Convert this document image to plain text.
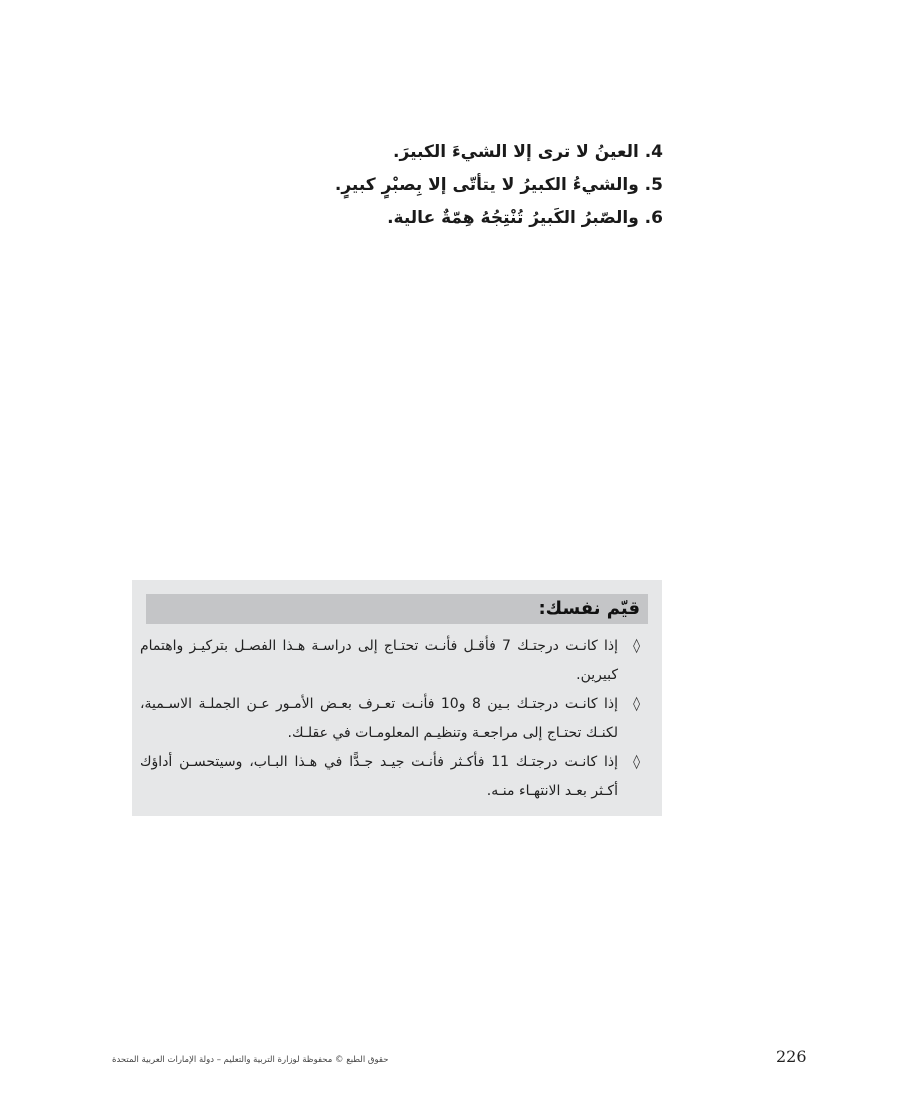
4. العينُ لا ترى إلا الشيءَ الكبيرَ.
5. والشيءُ الكبيرُ لا يتأتّى إلا بِصبْرٍ كبيرٍ.
6. والصّبرُ الكَبيرُ تُنْتِجُهُ هِمّةٌ عالية.
قيّم نفسك:
◊
إذا كانـت درجتـك 7 فأقـل فأنـت تحتـاج إلى دراسـة هـذا الفصـل بتركيـز واهتمام كبيرين.
◊
إذا كانـت درجتـك بـين 8 و10 فأنـت تعـرف بعـض الأمـور عـن الجملـة الاسـمية، لكنـك تحتـاج إلى مراجعـة وتنظيـم المعلومـات في عقلـك.
◊
إذا كانـت درجتـك 11 فأكـثر فأنـت جيـد جـدًّا في هـذا البـاب، وسيتحسـن أداؤك أكـثر بعـد الانتهـاء منـه.
حقوق الطبع © محفوظة لوزارة التربية والتعليم – دولة الإمارات العربية المتحدة	226
